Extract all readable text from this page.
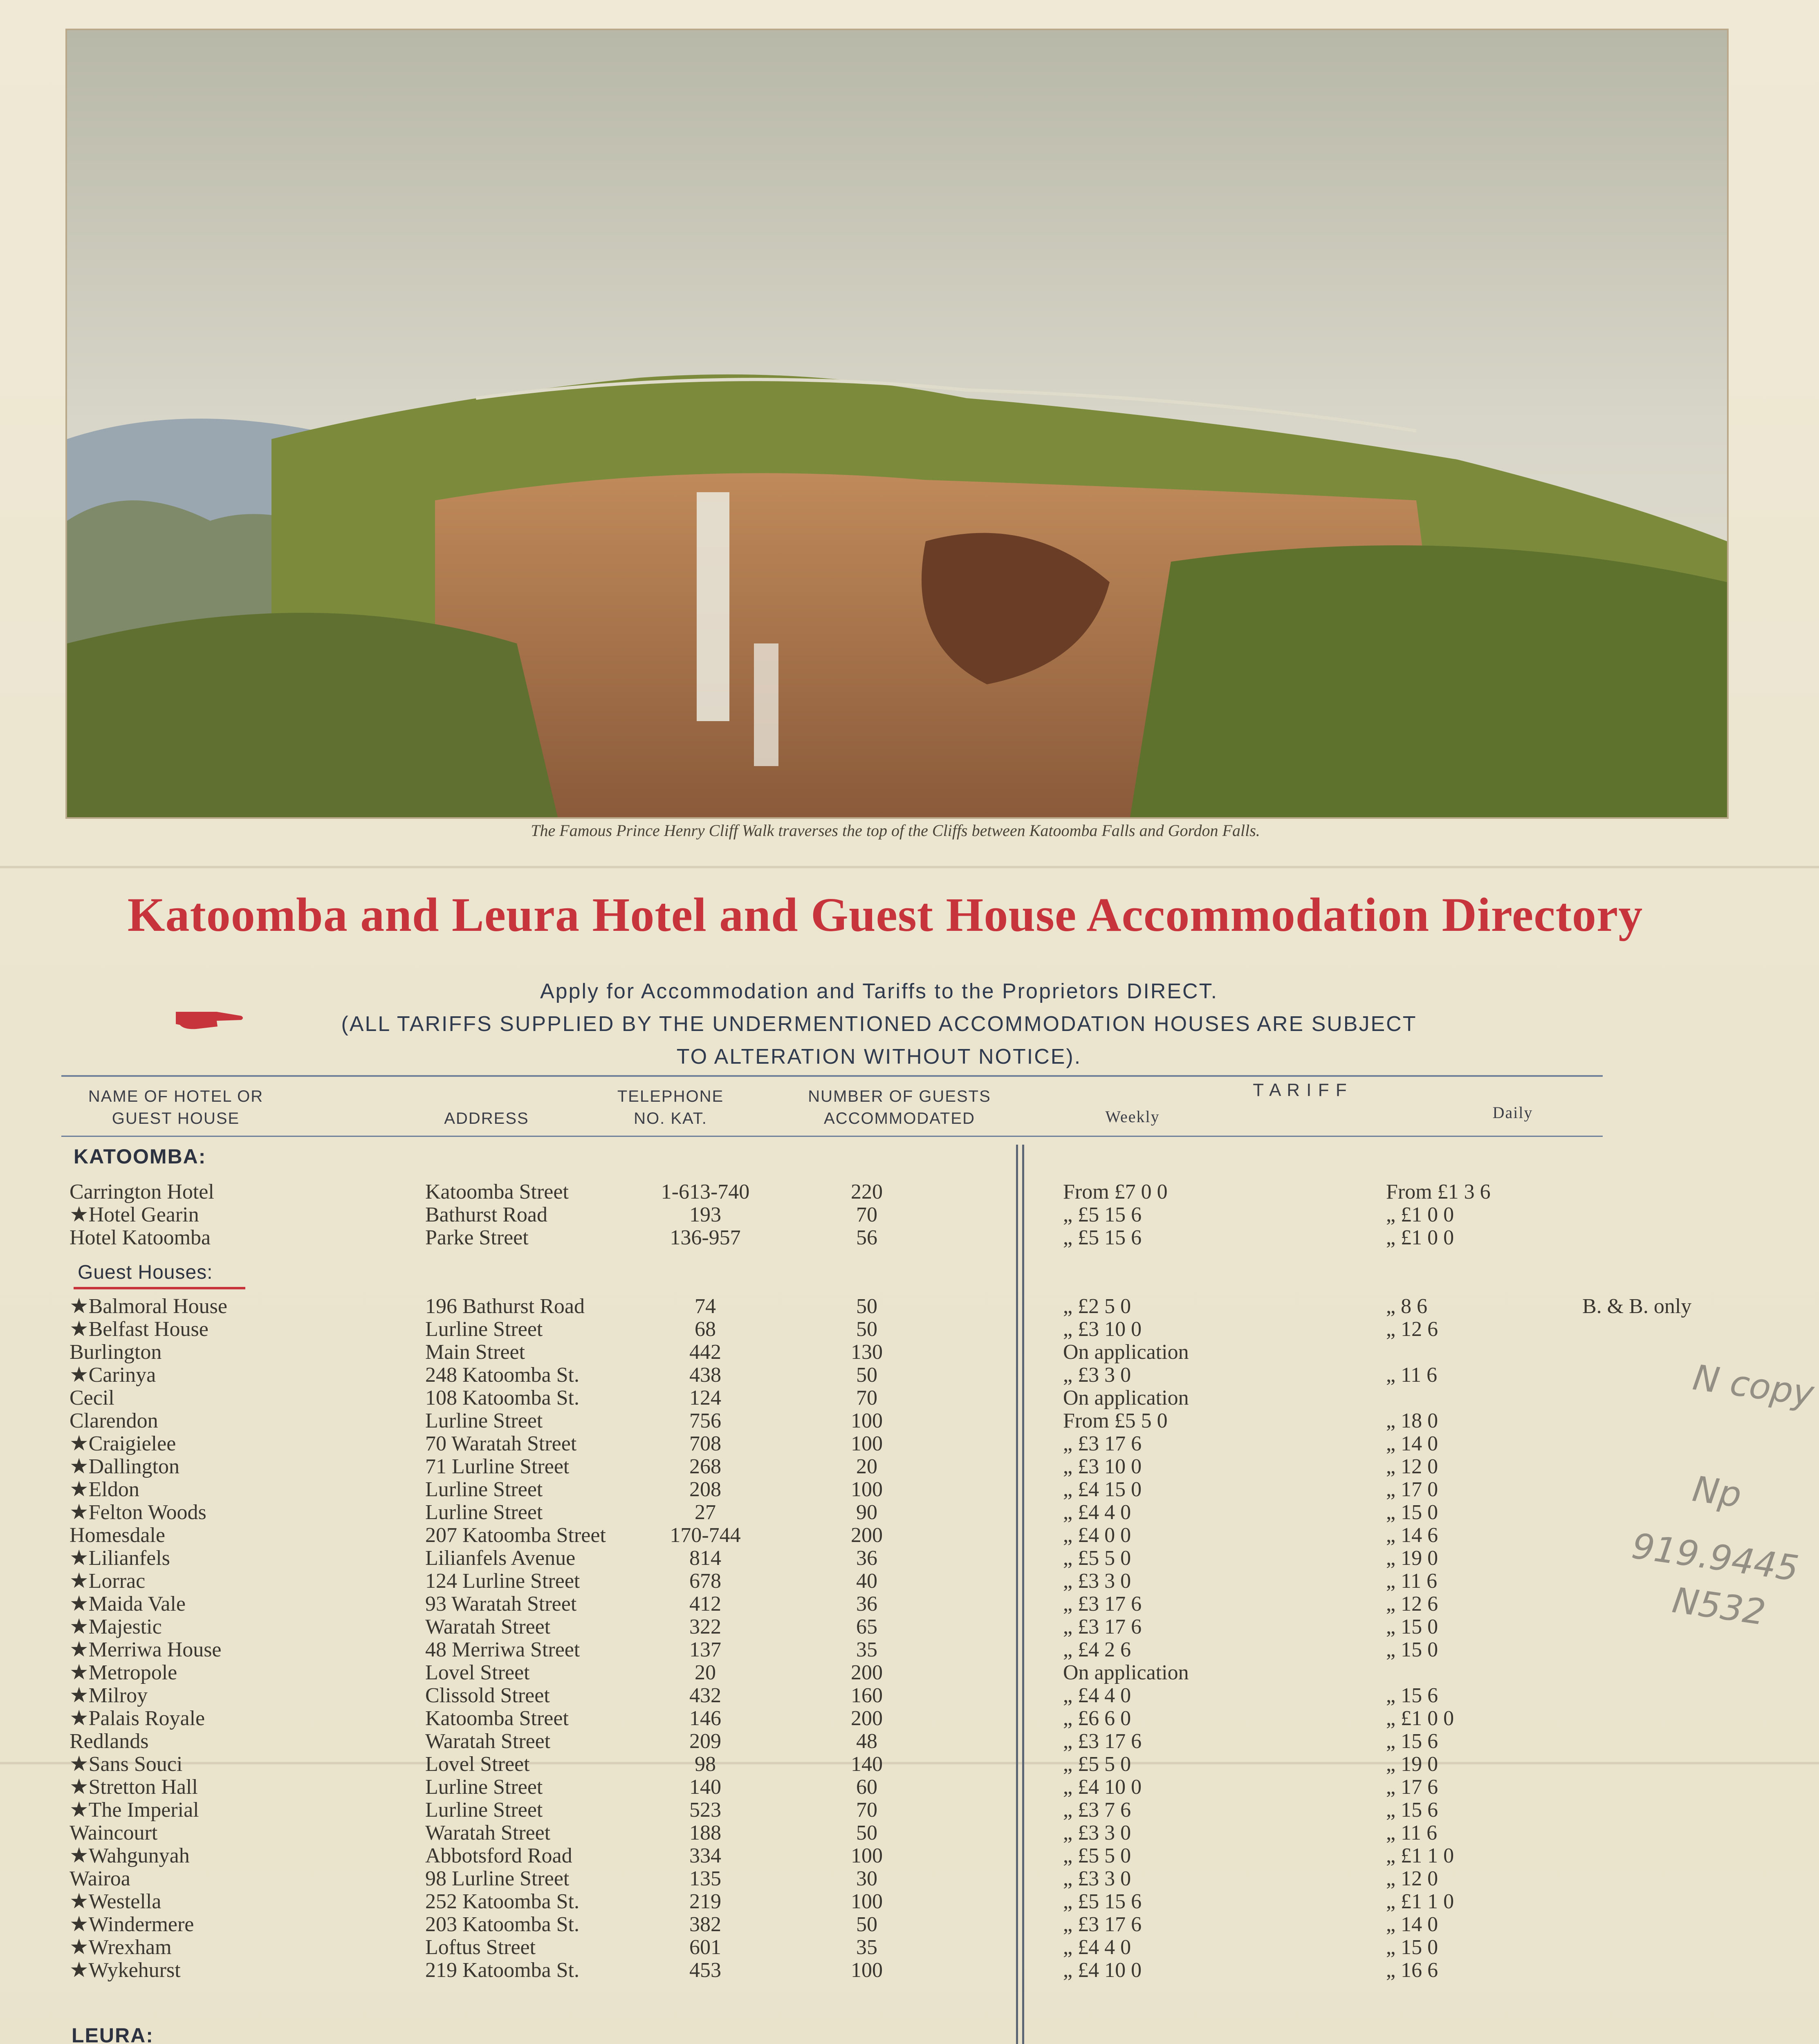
The Famous Prince Henry Cliff Walk traverses the top of the Cliffs between Katoomba Falls and Gordon Falls.
Katoomba and Leura Hotel and Guest House Accommodation Directory
Apply for Accommodation and Tariffs to the Proprietors DIRECT.
(ALL TARIFFS SUPPLIED BY THE UNDERMENTIONED ACCOMMODATION HOUSES ARE SUBJECT
TO ALTERATION WITHOUT NOTICE).
NAME OF HOTEL OR
GUEST HOUSE	ADDRESS
TELEPHONE
NO. KAT.
NUMBER OF GUESTS
ACCOMMODATED
T A R I F F
Weekly	Daily
KATOOMBA:
Carrington Hotel	Katoomba Street	1-613-740	220	From £7 0 0	From £1 3 6
★Hotel Gearin	Bathurst Road	193	70	„ £5 15 6	„ £1 0 0
Hotel Katoomba	Parke Street	136-957	56	„ £5 15 6	„ £1 0 0
Guest Houses:
★Balmoral House	196 Bathurst Road	74	50	„ £2 5 0	„ 8 6	B. & B. only
★Belfast House	Lurline Street	68	50	„ £3 10 0	„ 12 6
Burlington	Main Street	442	130	On application
★Carinya	248 Katoomba St.	438	50	„ £3 3 0	„ 11 6
Cecil	108 Katoomba St.	124	70	On application
Clarendon	Lurline Street	756	100	From £5 5 0	„ 18 0
★Craigielee	70 Waratah Street	708	100	„ £3 17 6	„ 14 0
★Dallington	71 Lurline Street	268	20	„ £3 10 0	„ 12 0
★Eldon	Lurline Street	208	100	„ £4 15 0	„ 17 0
★Felton Woods	Lurline Street	27	90	„ £4 4 0	„ 15 0
Homesdale	207 Katoomba Street	170-744	200	„ £4 0 0	„ 14 6
★Lilianfels	Lilianfels Avenue	814	36	„ £5 5 0	„ 19 0
★Lorrac	124 Lurline Street	678	40	„ £3 3 0	„ 11 6
★Maida Vale	93 Waratah Street	412	36	„ £3 17 6	„ 12 6
★Majestic	Waratah Street	322	65	„ £3 17 6	„ 15 0
★Merriwa House	48 Merriwa Street	137	35	„ £4 2 6	„ 15 0
★Metropole	Lovel Street	20	200	On application
★Milroy	Clissold Street	432	160	„ £4 4 0	„ 15 6
★Palais Royale	Katoomba Street	146	200	„ £6 6 0	„ £1 0 0
Redlands	Waratah Street	209	48	„ £3 17 6	„ 15 6
★Sans Souci	Lovel Street	98	140	„ £5 5 0	„ 19 0
★Stretton Hall	Lurline Street	140	60	„ £4 10 0	„ 17 6
★The Imperial	Lurline Street	523	70	„ £3 7 6	„ 15 6
Waincourt	Waratah Street	188	50	„ £3 3 0	„ 11 6
★Wahgunyah	Abbotsford Road	334	100	„ £5 5 0	„ £1 1 0
Wairoa	98 Lurline Street	135	30	„ £3 3 0	„ 12 0
★Westella	252 Katoomba St.	219	100	„ £5 15 6	„ £1 1 0
★Windermere	203 Katoomba St.	382	50	„ £3 17 6	„ 14 0
★Wrexham	Loftus Street	601	35	„ £4 4 0	„ 15 0
★Wykehurst	219 Katoomba St.	453	100	„ £4 10 0	„ 16 6
LEURA:
N copy
Np
919.9445
N532
